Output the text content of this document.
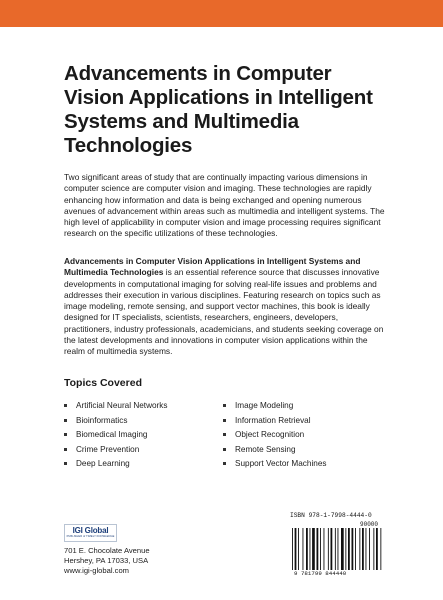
Advancements in Computer Vision Applications in Intelligent Systems and Multimedia Technologies

Two significant areas of study that are continually impacting various dimensions in computer science are computer vision and imaging. These technologies are rapidly enhancing how information and data is being exchanged and opening numerous avenues of advancement within areas such as multimedia and intelligent systems. The high level of applicability in computer vision and image processing requires significant research on the specific utilizations of these technologies.

Advancements in Computer Vision Applications in Intelligent Systems and Multimedia Technologies is an essential reference source that discusses innovative developments in computational imaging for solving real-life issues and problems and addresses their execution in various disciplines. Featuring research on topics such as image modeling, remote sensing, and support vector machines, this book is ideally designed for IT specialists, scientists, researchers, engineers, developers, practitioners, industry professionals, academicians, and students seeking coverage on the latest developments and innovations in computer vision applications within the realm of multimedia systems.

Topics Covered
Artificial Neural Networks
Bioinformatics
Biomedical Imaging
Crime Prevention
Deep Learning
Image Modeling
Information Retrieval
Object Recognition
Remote Sensing
Support Vector Machines
IGI Global
PUBLISHER of TIMELY KNOWLEDGE

701 E. Chocolate Avenue
Hershey, PA 17033, USA
www.igi-global.com

ISBN 978-1-7998-4444-0
90000
9 781799 844440
